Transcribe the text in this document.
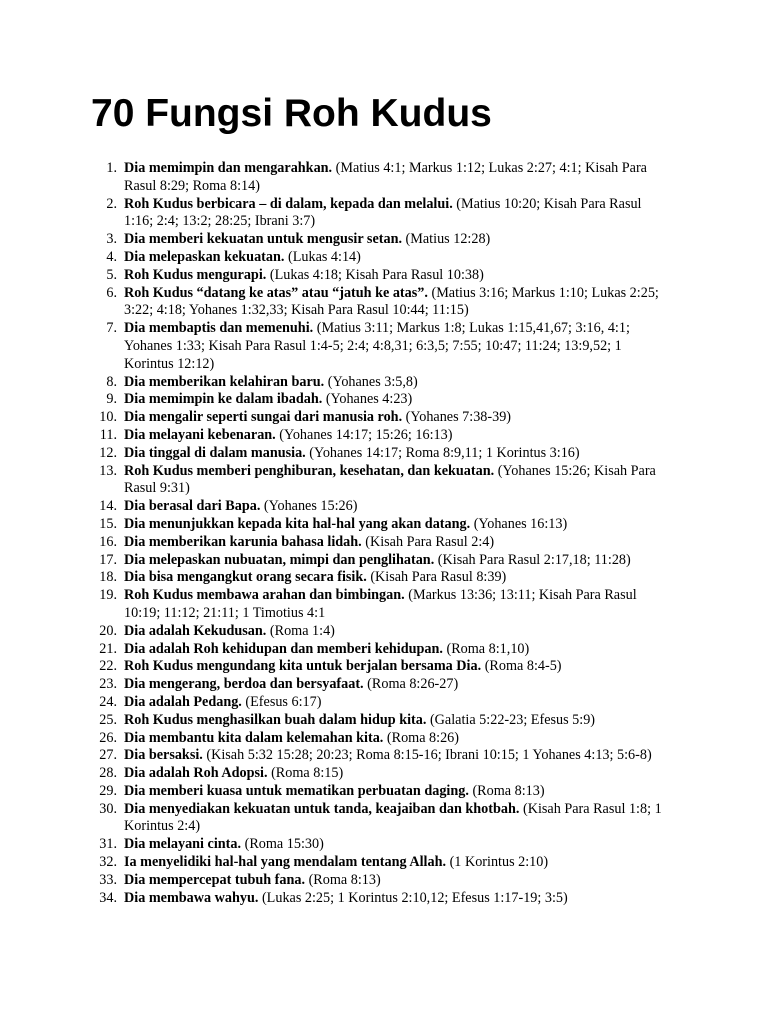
70 Fungsi Roh Kudus
1. Dia memimpin dan mengarahkan. (Matius 4:1; Markus 1:12; Lukas 2:27; 4:1; Kisah Para Rasul 8:29; Roma 8:14)
2. Roh Kudus berbicara – di dalam, kepada dan melalui. (Matius 10:20; Kisah Para Rasul 1:16; 2:4; 13:2; 28:25; Ibrani 3:7)
3. Dia memberi kekuatan untuk mengusir setan. (Matius 12:28)
4. Dia melepaskan kekuatan. (Lukas 4:14)
5. Roh Kudus mengurapi. (Lukas 4:18; Kisah Para Rasul 10:38)
6. Roh Kudus “datang ke atas” atau “jatuh ke atas”. (Matius 3:16; Markus 1:10; Lukas 2:25; 3:22; 4:18; Yohanes 1:32,33; Kisah Para Rasul 10:44; 11:15)
7. Dia membaptis dan memenuhi. (Matius 3:11; Markus 1:8; Lukas 1:15,41,67; 3:16, 4:1; Yohanes 1:33; Kisah Para Rasul 1:4-5; 2:4; 4:8,31; 6:3,5; 7:55; 10:47; 11:24; 13:9,52; 1 Korintus 12:12)
8. Dia memberikan kelahiran baru. (Yohanes 3:5,8)
9. Dia memimpin ke dalam ibadah. (Yohanes 4:23)
10. Dia mengalir seperti sungai dari manusia roh. (Yohanes 7:38-39)
11. Dia melayani kebenaran. (Yohanes 14:17; 15:26; 16:13)
12. Dia tinggal di dalam manusia. (Yohanes 14:17; Roma 8:9,11; 1 Korintus 3:16)
13. Roh Kudus memberi penghiburan, kesehatan, dan kekuatan. (Yohanes 15:26; Kisah Para Rasul 9:31)
14. Dia berasal dari Bapa. (Yohanes 15:26)
15. Dia menunjukkan kepada kita hal-hal yang akan datang. (Yohanes 16:13)
16. Dia memberikan karunia bahasa lidah. (Kisah Para Rasul 2:4)
17. Dia melepaskan nubuatan, mimpi dan penglihatan. (Kisah Para Rasul 2:17,18; 11:28)
18. Dia bisa mengangkut orang secara fisik. (Kisah Para Rasul 8:39)
19. Roh Kudus membawa arahan dan bimbingan. (Markus 13:36; 13:11; Kisah Para Rasul 10:19; 11:12; 21:11; 1 Timotius 4:1
20. Dia adalah Kekudusan. (Roma 1:4)
21. Dia adalah Roh kehidupan dan memberi kehidupan. (Roma 8:1,10)
22. Roh Kudus mengundang kita untuk berjalan bersama Dia. (Roma 8:4-5)
23. Dia mengerang, berdoa dan bersyafaat. (Roma 8:26-27)
24. Dia adalah Pedang. (Efesus 6:17)
25. Roh Kudus menghasilkan buah dalam hidup kita. (Galatia 5:22-23; Efesus 5:9)
26. Dia membantu kita dalam kelemahan kita. (Roma 8:26)
27. Dia bersaksi. (Kisah 5:32 15:28; 20:23; Roma 8:15-16; Ibrani 10:15; 1 Yohanes 4:13; 5:6-8)
28. Dia adalah Roh Adopsi. (Roma 8:15)
29. Dia memberi kuasa untuk mematikan perbuatan daging. (Roma 8:13)
30. Dia menyediakan kekuatan untuk tanda, keajaiban dan khotbah. (Kisah Para Rasul 1:8; 1 Korintus 2:4)
31. Dia melayani cinta. (Roma 15:30)
32. Ia menyelidiki hal-hal yang mendalam tentang Allah. (1 Korintus 2:10)
33. Dia mempercepat tubuh fana. (Roma 8:13)
34. Dia membawa wahyu. (Lukas 2:25; 1 Korintus 2:10,12; Efesus 1:17-19; 3:5)
